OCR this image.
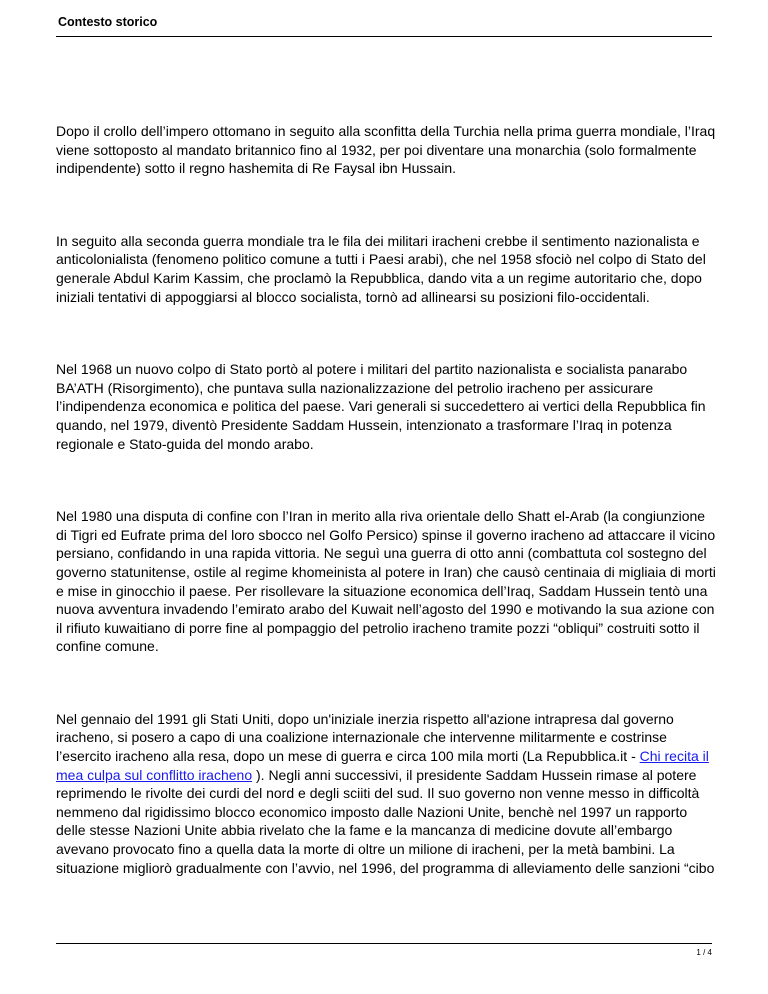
Contesto storico

Dopo il crollo dell’impero ottomano in seguito alla sconfitta della Turchia nella prima guerra mondiale, l’Iraq viene sottoposto al mandato britannico fino al 1932, per poi diventare una monarchia (solo formalmente indipendente) sotto il regno hashemita di Re Faysal ibn Hussain.

In seguito alla seconda guerra mondiale tra le fila dei militari iracheni crebbe il sentimento nazionalista e anticolonialista (fenomeno politico comune a tutti i Paesi arabi), che nel 1958 sfociò nel colpo di Stato del generale Abdul Karim Kassim, che proclamò la Repubblica, dando vita a un regime autoritario che, dopo iniziali tentativi di appoggiarsi al blocco socialista, tornò ad allinearsi su posizioni filo-occidentali.

Nel 1968 un nuovo colpo di Stato portò al potere i militari del partito nazionalista e socialista panarabo BA’ATH (Risorgimento), che puntava sulla nazionalizzazione del petrolio iracheno per assicurare l’indipendenza economica e politica del paese. Vari generali si succedettero ai vertici della Repubblica fin quando, nel 1979, diventò Presidente Saddam Hussein, intenzionato a trasformare l’Iraq in potenza regionale e Stato-guida del mondo arabo.

Nel 1980 una disputa di confine con l’Iran in merito alla riva orientale dello Shatt el-Arab (la congiunzione di Tigri ed Eufrate prima del loro sbocco nel Golfo Persico) spinse il governo iracheno ad attaccare il vicino persiano, confidando in una rapida vittoria. Ne seguì una guerra di otto anni (combattuta col sostegno del governo statunitense, ostile al regime khomeinista al potere in Iran) che causò centinaia di migliaia di morti e mise in ginocchio il paese. Per risollevare la situazione economica dell’Iraq, Saddam Hussein tentò una nuova avventura invadendo l’emirato arabo del Kuwait nell’agosto del 1990 e motivando la sua azione con il rifiuto kuwaitiano di porre fine al pompaggio del petrolio iracheno tramite pozzi “obliqui” costruiti sotto il confine comune.

Nel gennaio del 1991 gli Stati Uniti, dopo un'iniziale inerzia rispetto all'azione intrapresa dal governo iracheno, si posero a capo di una coalizione internazionale che intervenne militarmente e costrinse l’esercito iracheno alla resa, dopo un mese di guerra e circa 100 mila morti (La Repubblica.it - Chi recita il mea culpa sul conflitto iracheno ). Negli anni successivi, il presidente Saddam Hussein rimase al potere reprimendo le rivolte dei curdi del nord e degli sciiti del sud. Il suo governo non venne messo in difficoltà nemmeno dal rigidissimo blocco economico imposto dalle Nazioni Unite, benchè nel 1997 un rapporto delle stesse Nazioni Unite abbia rivelato che la fame e la mancanza di medicine dovute all’embargo avevano provocato fino a quella data la morte di oltre un milione di iracheni, per la metà bambini. La situazione migliorò gradualmente con l’avvio, nel 1996, del programma di alleviamento delle sanzioni “cibo

1 / 4
